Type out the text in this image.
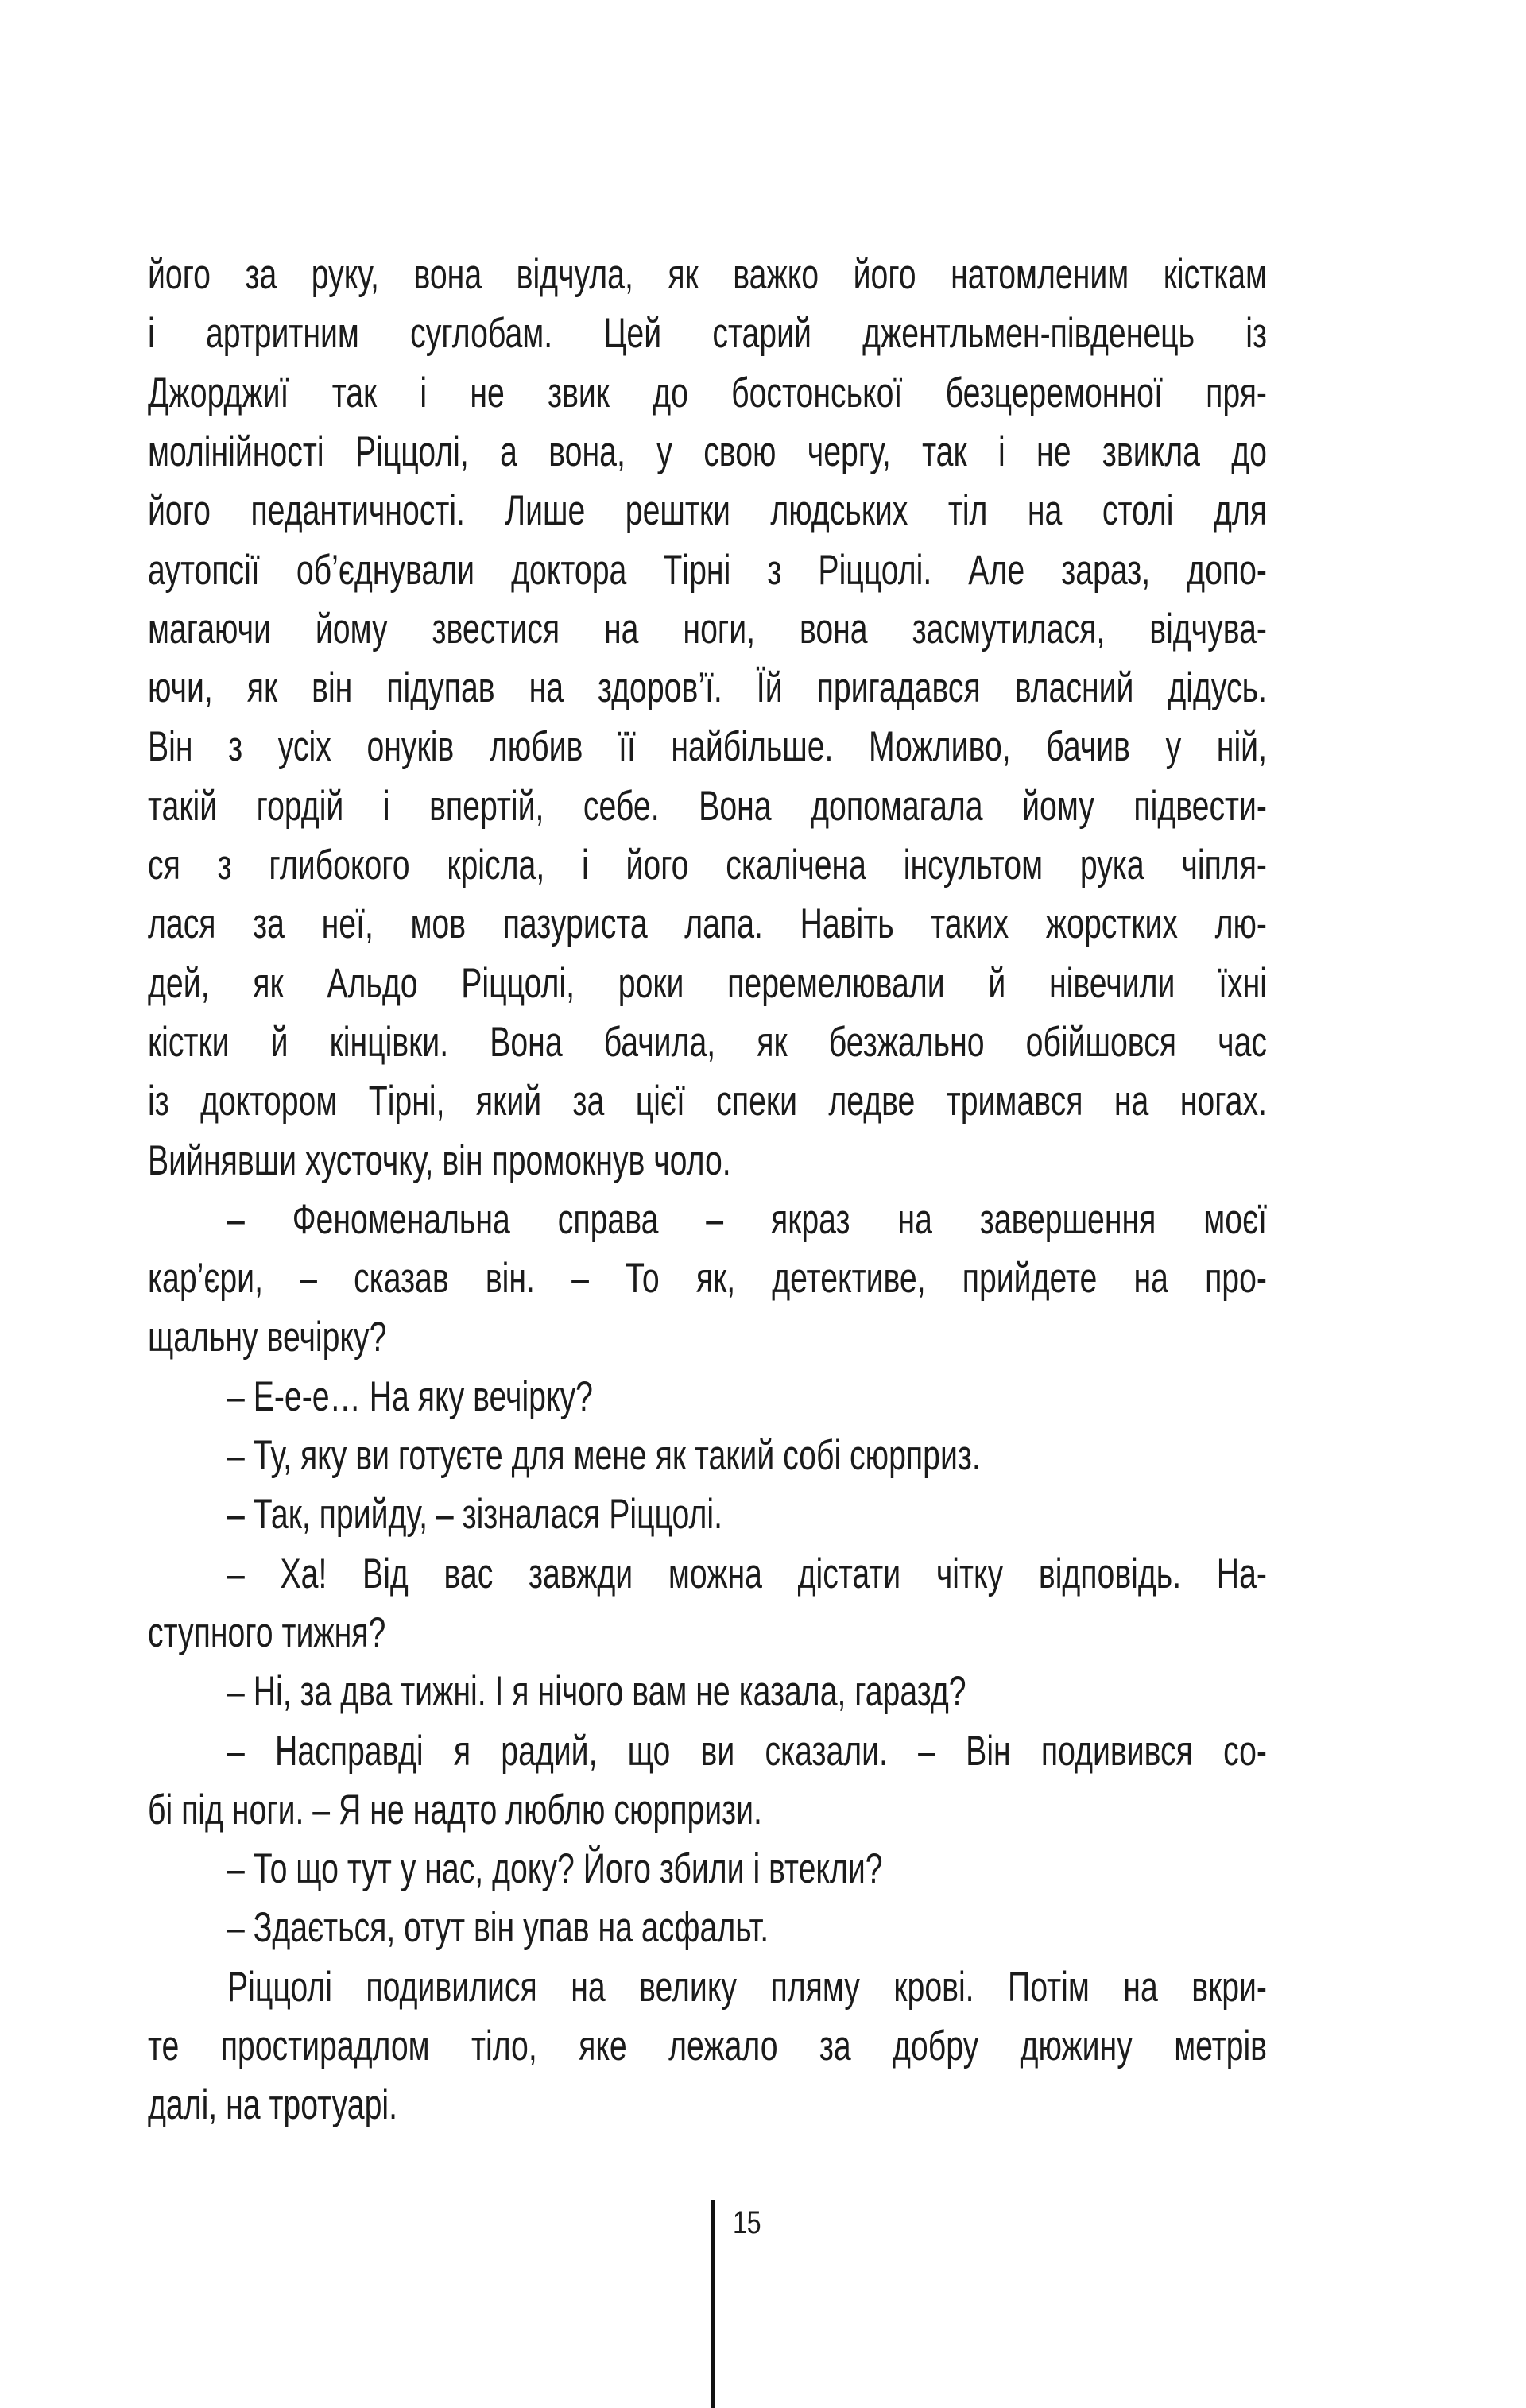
його за руку, вона відчула, як важко його натомленим кісткам
і артритним суглобам. Цей старий джентльмен-південець із
Джорджиї так і не звик до бостонської безцеремонної пря-
молінійності Ріццолі, а вона, у свою чергу, так і не звикла до
його педантичності. Лише рештки людських тіл на столі для
аутопсії об’єднували доктора Тірні з Ріццолі. Але зараз, допо-
магаючи йому звестися на ноги, вона засмутилася, відчува-
ючи, як він підупав на здоров’ї. Їй пригадався власний дідусь.
Він з усіх онуків любив її найбільше. Можливо, бачив у ній,
такій гордій і впертій, себе. Вона допомагала йому підвести-
ся з глибокого крісла, і його скалічена інсультом рука чіпля-
лася за неї, мов пазуриста лапа. Навіть таких жорстких лю-
дей, як Альдо Ріццолі, роки перемелювали й нівечили їхні
кістки й кінцівки. Вона бачила, як безжально обійшовся час
із доктором Тірні, який за цієї спеки ледве тримався на ногах.
Вийнявши хусточку, він промокнув чоло.
– Феноменальна справа – якраз на завершення моєї
кар’єри, – сказав він. – То як, детективе, прийдете на про-
щальну вечірку?
– Е-е-е… На яку вечірку?
– Ту, яку ви готуєте для мене як такий собі сюрприз.
– Так, прийду, – зізналася Ріццолі.
– Ха! Від вас завжди можна дістати чітку відповідь. На-
ступного тижня?
– Ні, за два тижні. І я нічого вам не казала, гаразд?
– Насправді я радий, що ви сказали. – Він подивився со-
бі під ноги. – Я не надто люблю сюрпризи.
– То що тут у нас, доку? Його збили і втекли?
– Здається, отут він упав на асфальт.
Ріццолі подивилися на велику пляму крові. Потім на вкри-
те простирадлом тіло, яке лежало за добру дюжину метрів
далі, на тротуарі.
15
